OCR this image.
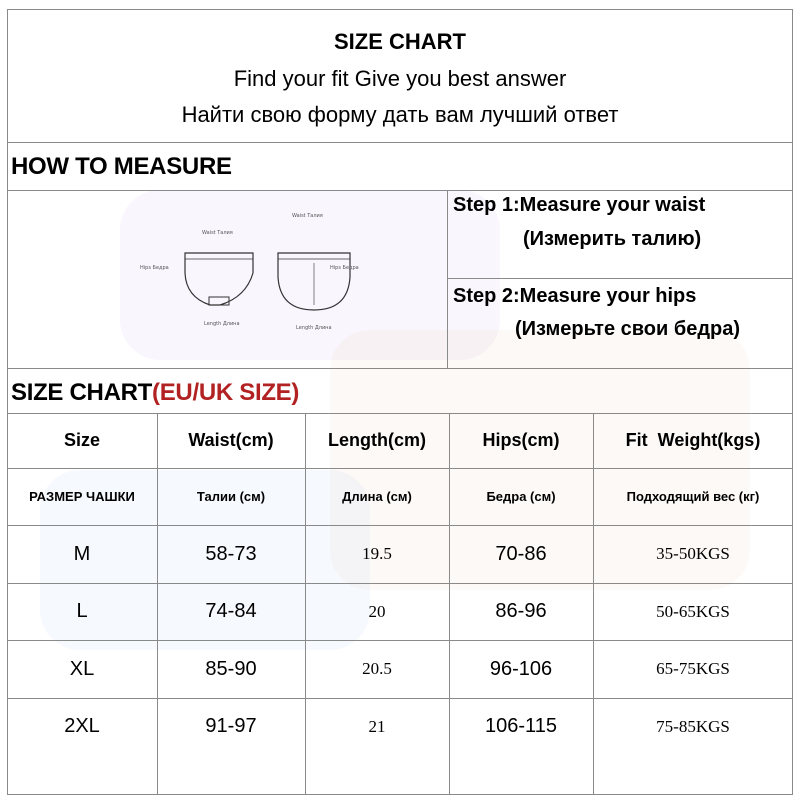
SIZE CHART
Find your fit Give you best answer
Найти свою форму дать вам лучший ответ
HOW TO MEASURE
Waist Талия
Waist Талия
Hips Бедра	Hips Бедра
Length Длина
Length Длина
Step 1:Measure your waist
(Измерить талию)
Step 2:Measure your hips
(Измерьте свои бедра)
SIZE CHART(EU/UK SIZE)
Size	Waist(cm)	Length(cm)	Hips(cm)	Fit  Weight(kgs)
РАЗМЕР ЧАШКИ	Талии (см)	Длина (см)	Бедра (см)	Подходящий вес (кг)
M	58-73	19.5	70-86	35-50KGS
L	74-84	20	86-96	50-65KGS
XL	85-90	20.5	96-106	65-75KGS
2XL	91-97	21	106-115	75-85KGS
